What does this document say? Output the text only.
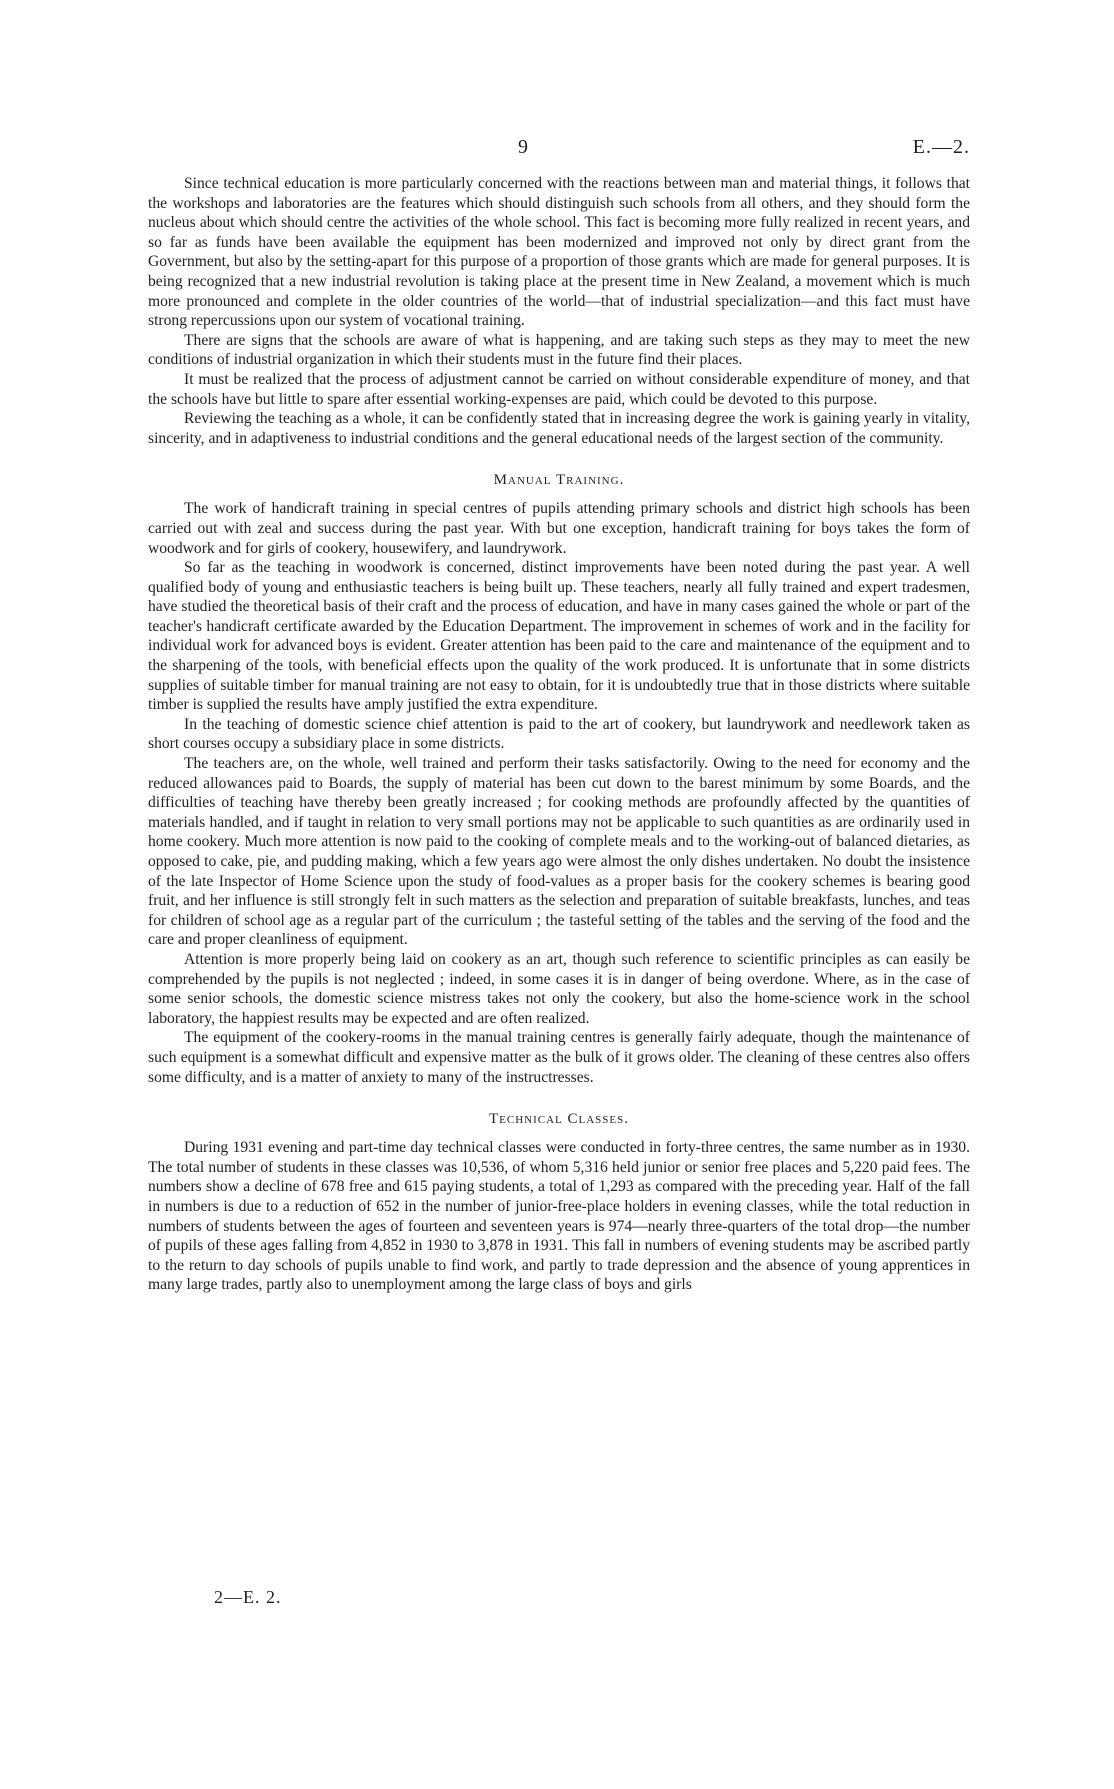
9	E.—2.

Since technical education is more particularly concerned with the reactions between man and material things, it follows that the workshops and laboratories are the features which should distinguish such schools from all others, and they should form the nucleus about which should centre the activities of the whole school. This fact is becoming more fully realized in recent years, and so far as funds have been available the equipment has been modernized and improved not only by direct grant from the Government, but also by the setting-apart for this purpose of a proportion of those grants which are made for general purposes. It is being recognized that a new industrial revolution is taking place at the present time in New Zealand, a movement which is much more pronounced and complete in the older countries of the world—that of industrial specialization—and this fact must have strong repercussions upon our system of vocational training.

There are signs that the schools are aware of what is happening, and are taking such steps as they may to meet the new conditions of industrial organization in which their students must in the future find their places.

It must be realized that the process of adjustment cannot be carried on without considerable expenditure of money, and that the schools have but little to spare after essential working-expenses are paid, which could be devoted to this purpose.

Reviewing the teaching as a whole, it can be confidently stated that in increasing degree the work is gaining yearly in vitality, sincerity, and in adaptiveness to industrial conditions and the general educational needs of the largest section of the community.

Manual Training.

The work of handicraft training in special centres of pupils attending primary schools and district high schools has been carried out with zeal and success during the past year. With but one exception, handicraft training for boys takes the form of woodwork and for girls of cookery, housewifery, and laundrywork.

So far as the teaching in woodwork is concerned, distinct improvements have been noted during the past year. A well qualified body of young and enthusiastic teachers is being built up. These teachers, nearly all fully trained and expert tradesmen, have studied the theoretical basis of their craft and the process of education, and have in many cases gained the whole or part of the teacher's handicraft certificate awarded by the Education Department. The improvement in schemes of work and in the facility for individual work for advanced boys is evident. Greater attention has been paid to the care and maintenance of the equipment and to the sharpening of the tools, with beneficial effects upon the quality of the work produced. It is unfortunate that in some districts supplies of suitable timber for manual training are not easy to obtain, for it is undoubtedly true that in those districts where suitable timber is supplied the results have amply justified the extra expenditure.

In the teaching of domestic science chief attention is paid to the art of cookery, but laundrywork and needlework taken as short courses occupy a subsidiary place in some districts.

The teachers are, on the whole, well trained and perform their tasks satisfactorily. Owing to the need for economy and the reduced allowances paid to Boards, the supply of material has been cut down to the barest minimum by some Boards, and the difficulties of teaching have thereby been greatly increased ; for cooking methods are profoundly affected by the quantities of materials handled, and if taught in relation to very small portions may not be applicable to such quantities as are ordinarily used in home cookery. Much more attention is now paid to the cooking of complete meals and to the working-out of balanced dietaries, as opposed to cake, pie, and pudding making, which a few years ago were almost the only dishes undertaken. No doubt the insistence of the late Inspector of Home Science upon the study of food-values as a proper basis for the cookery schemes is bearing good fruit, and her influence is still strongly felt in such matters as the selection and preparation of suitable breakfasts, lunches, and teas for children of school age as a regular part of the curriculum ; the tasteful setting of the tables and the serving of the food and the care and proper cleanliness of equipment.

Attention is more properly being laid on cookery as an art, though such reference to scientific principles as can easily be comprehended by the pupils is not neglected ; indeed, in some cases it is in danger of being overdone. Where, as in the case of some senior schools, the domestic science mistress takes not only the cookery, but also the home-science work in the school laboratory, the happiest results may be expected and are often realized.

The equipment of the cookery-rooms in the manual training centres is generally fairly adequate, though the maintenance of such equipment is a somewhat difficult and expensive matter as the bulk of it grows older. The cleaning of these centres also offers some difficulty, and is a matter of anxiety to many of the instructresses.

Technical Classes.

During 1931 evening and part-time day technical classes were conducted in forty-three centres, the same number as in 1930. The total number of students in these classes was 10,536, of whom 5,316 held junior or senior free places and 5,220 paid fees. The numbers show a decline of 678 free and 615 paying students, a total of 1,293 as compared with the preceding year. Half of the fall in numbers is due to a reduction of 652 in the number of junior-free-place holders in evening classes, while the total reduction in numbers of students between the ages of fourteen and seventeen years is 974—nearly three-quarters of the total drop—the number of pupils of these ages falling from 4,852 in 1930 to 3,878 in 1931. This fall in numbers of evening students may be ascribed partly to the return to day schools of pupils unable to find work, and partly to trade depression and the absence of young apprentices in many large trades, partly also to unemployment among the large class of boys and girls

2—E. 2.
